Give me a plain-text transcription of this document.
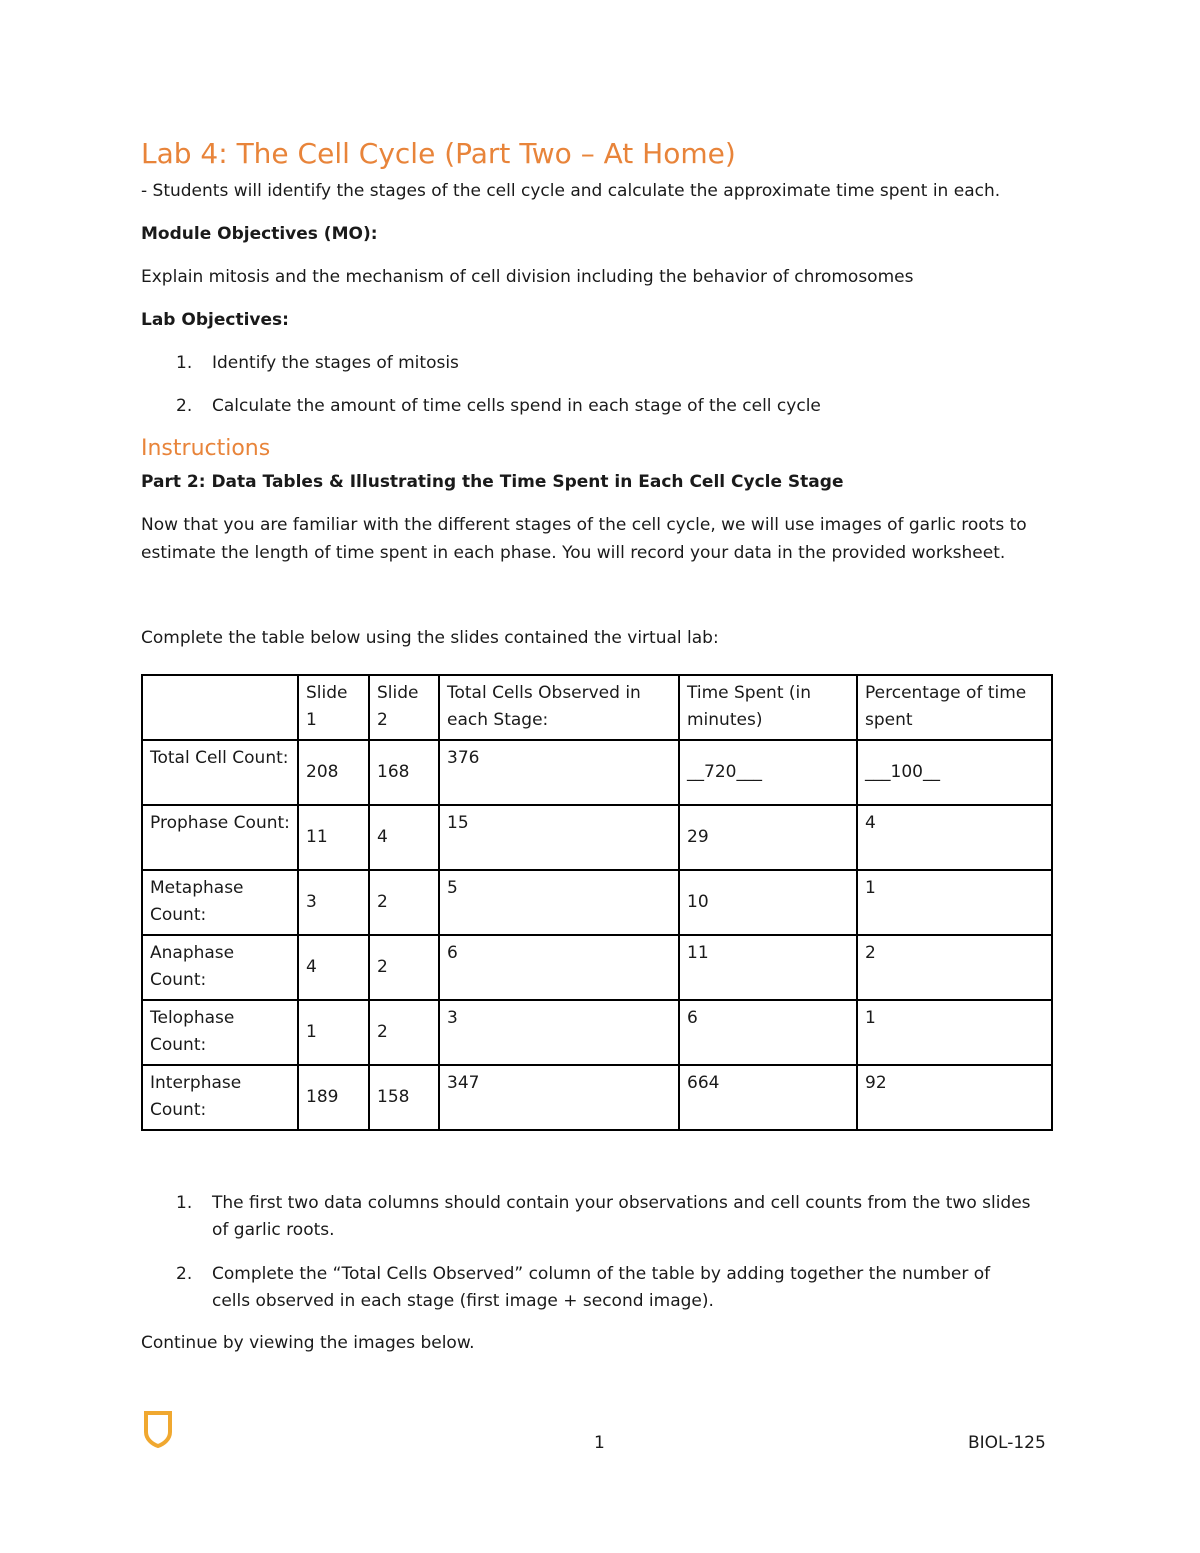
Lab 4: The Cell Cycle (Part Two – At Home)
- Students will identify the stages of the cell cycle and calculate the approximate time spent in each.
Module Objectives (MO):
Explain mitosis and the mechanism of cell division including the behavior of chromosomes
Lab Objectives:
1.	Identify the stages of mitosis
2.	Calculate the amount of time cells spend in each stage of the cell cycle
Instructions
Part 2: Data Tables & Illustrating the Time Spent in Each Cell Cycle Stage
Now that you are familiar with the different stages of the cell cycle, we will use images of garlic roots to
estimate the length of time spent in each phase. You will record your data in the provided worksheet.
Complete the table below using the slides contained the virtual lab:
	Slide 1	Slide 2	Total Cells Observed in each Stage:	Time Spent (in minutes)	Percentage of time spent
Total Cell Count:	208	168	376	__720___	___100__
Prophase Count:	11	4	15	29	4
Metaphase Count:	3	2	5	10	1
Anaphase Count:	4	2	6	11	2
Telophase Count:	1	2	3	6	1
Interphase Count:	189	158	347	664	92
1.	The first two data columns should contain your observations and cell counts from the two slides
of garlic roots.
2.	Complete the “Total Cells Observed” column of the table by adding together the number of
cells observed in each stage (first image + second image).
Continue by viewing the images below.
1	BIOL-125
